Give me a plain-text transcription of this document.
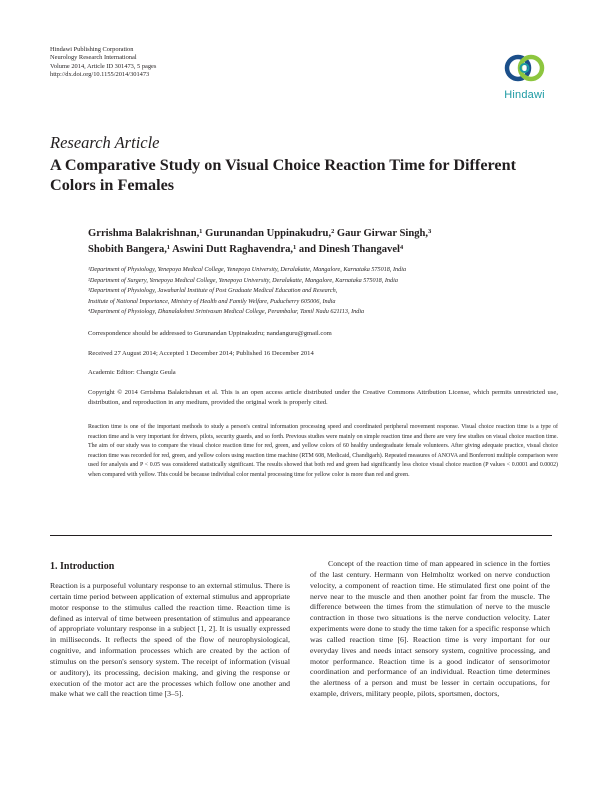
Hindawi Publishing Corporation
Neurology Research International
Volume 2014, Article ID 301473, 5 pages
http://dx.doi.org/10.1155/2014/301473
Hindawi
Research Article
A Comparative Study on Visual Choice Reaction Time for Different Colors in Females
Grrishma Balakrishnan,¹ Gurunandan Uppinakudru,² Gaur Girwar Singh,³
Shobith Bangera,¹ Aswini Dutt Raghavendra,¹ and Dinesh Thangavel⁴
¹Department of Physiology, Yenepoya Medical College, Yenepoya University, Deralakatte, Mangalore, Karnataka 575018, India
²Department of Surgery, Yenepoya Medical College, Yenepoya University, Deralakatte, Mangalore, Karnataka 575018, India
³Department of Physiology, Jawaharlal Institute of Post Graduate Medical Education and Research,
Institute of National Importance, Ministry of Health and Family Welfare, Puducherry 605006, India
⁴Department of Physiology, Dhanalakshmi Srinivasan Medical College, Perambalur, Tamil Nadu 621113, India
Correspondence should be addressed to Gurunandan Uppinakudru; nandanguru@gmail.com
Received 27 August 2014; Accepted 1 December 2014; Published 16 December 2014
Academic Editor: Changiz Geula
Copyright © 2014 Grrishma Balakrishnan et al. This is an open access article distributed under the Creative Commons Attribution License, which permits unrestricted use, distribution, and reproduction in any medium, provided the original work is properly cited.
Reaction time is one of the important methods to study a person's central information processing speed and coordinated peripheral movement response. Visual choice reaction time is a type of reaction time and is very important for drivers, pilots, security guards, and so forth. Previous studies were mainly on simple reaction time and there are very few studies on visual choice reaction time. The aim of our study was to compare the visual choice reaction time for red, green, and yellow colors of 60 healthy undergraduate female volunteers. After giving adequate practice, visual choice reaction time was recorded for red, green, and yellow colors using reaction time machine (RTM 608, Medicaid, Chandigarh). Repeated measures of ANOVA and Bonferroni multiple comparison were used for analysis and P < 0.05 was considered statistically significant. The results showed that both red and green had significantly less choice visual choice reaction (P values < 0.0001 and 0.0002) when compared with yellow. This could be because individual color mental processing time for yellow color is more than red and green.
1. Introduction

Reaction is a purposeful voluntary response to an external stimulus. There is certain time period between application of external stimulus and appropriate motor response to the stimulus called the reaction time. Reaction time is defined as interval of time between presentation of stimulus and appearance of appropriate voluntary response in a subject [1, 2]. It is usually expressed in milliseconds. It reflects the speed of the flow of neurophysiological, cognitive, and information processes which are created by the action of stimulus on the person's sensory system. The receipt of information (visual or auditory), its processing, decision making, and giving the response or execution of the motor act are the processes which follow one another and make what we call the reaction time [3–5].

Concept of the reaction time of man appeared in science in the forties of the last century. Hermann von Helmholtz worked on nerve conduction velocity, a component of reaction time. He stimulated first one point of the nerve near to the muscle and then another point far from the muscle. The difference between the times from the stimulation of nerve to the muscle contraction in those two situations is the nerve conduction velocity. Later experiments were done to study the time taken for a specific response which was called reaction time [6]. Reaction time is very important for our everyday lives and needs intact sensory system, cognitive processing, and motor performance. Reaction time is a good indicator of sensorimotor coordination and performance of an individual. Reaction time determines the alertness of a person and must be lesser in certain occupations, for example, drivers, military people, pilots, sportsmen, doctors,
